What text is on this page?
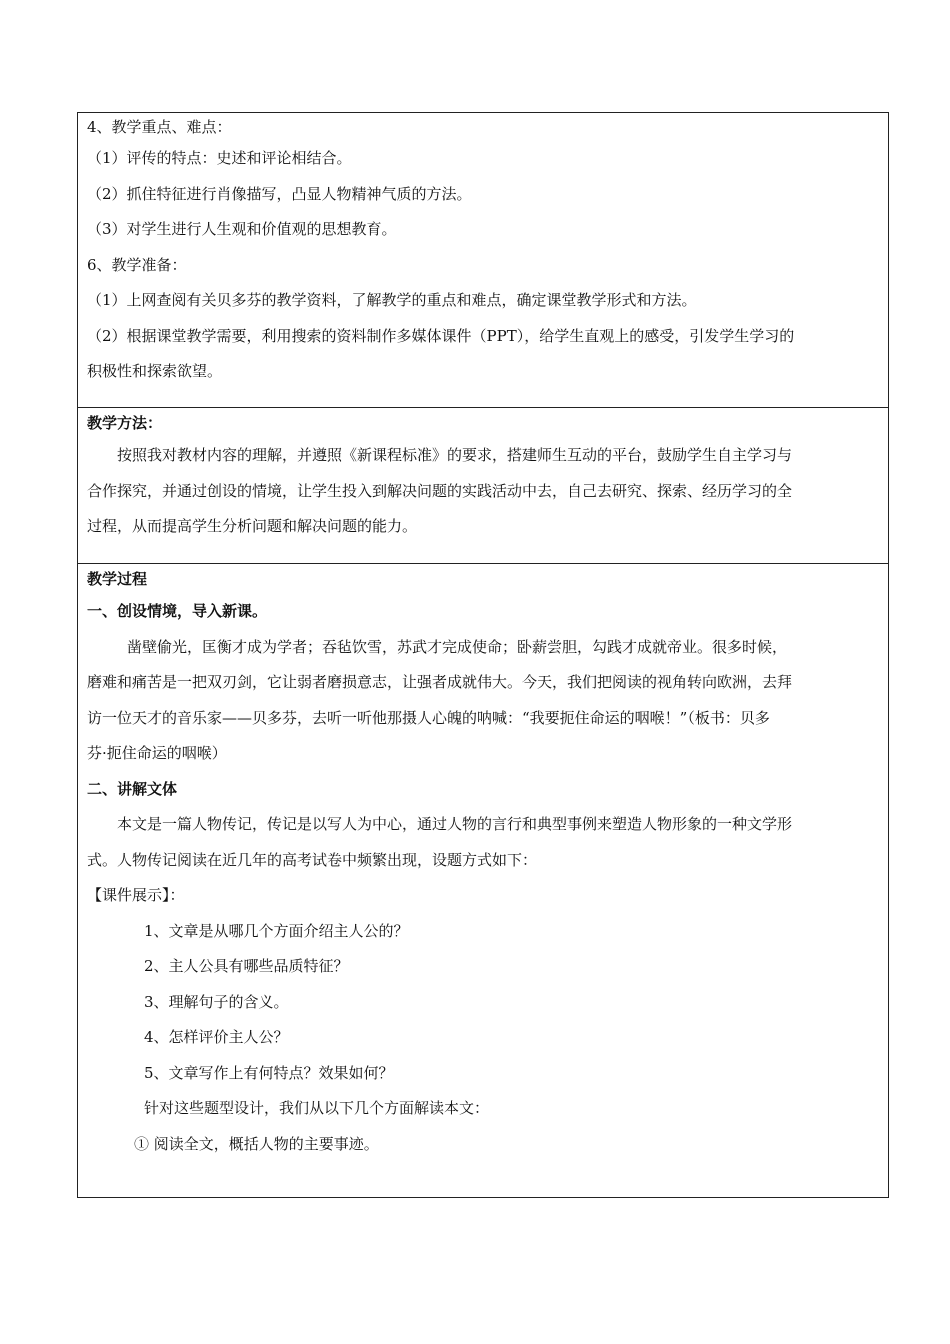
4、教学重点、难点：
（1）评传的特点：史述和评论相结合。
（2）抓住特征进行肖像描写，凸显人物精神气质的方法。
（3）对学生进行人生观和价值观的思想教育。
6、教学准备：
（1）上网查阅有关贝多芬的教学资料，了解教学的重点和难点，确定课堂教学形式和方法。
（2）根据课堂教学需要，利用搜索的资料制作多媒体课件（PPT），给学生直观上的感受，引发学生学习的
积极性和探索欲望。
教学方法：
按照我对教材内容的理解，并遵照《新课程标准》的要求，搭建师生互动的平台，鼓励学生自主学习与
合作探究，并通过创设的情境，让学生投入到解决问题的实践活动中去，自己去研究、探索、经历学习的全
过程，从而提高学生分析问题和解决问题的能力。
教学过程
一、创设情境，导入新课。
凿壁偷光，匡衡才成为学者；吞毡饮雪，苏武才完成使命；卧薪尝胆，勾践才成就帝业。很多时候，
磨难和痛苦是一把双刃剑，它让弱者磨损意志，让强者成就伟大。今天，我们把阅读的视角转向欧洲，去拜
访一位天才的音乐家——贝多芬，去听一听他那摄人心魄的呐喊：“我要扼住命运的咽喉！”（板书：贝多
芬·扼住命运的咽喉）
二、讲解文体
本文是一篇人物传记，传记是以写人为中心，通过人物的言行和典型事例来塑造人物形象的一种文学形
式。人物传记阅读在近几年的高考试卷中频繁出现，设题方式如下：
【课件展示】：
1、文章是从哪几个方面介绍主人公的？
2、主人公具有哪些品质特征？
3、理解句子的含义。
4、怎样评价主人公？
5、文章写作上有何特点？效果如何？
针对这些题型设计，我们从以下几个方面解读本文：
① 阅读全文，概括人物的主要事迹。
